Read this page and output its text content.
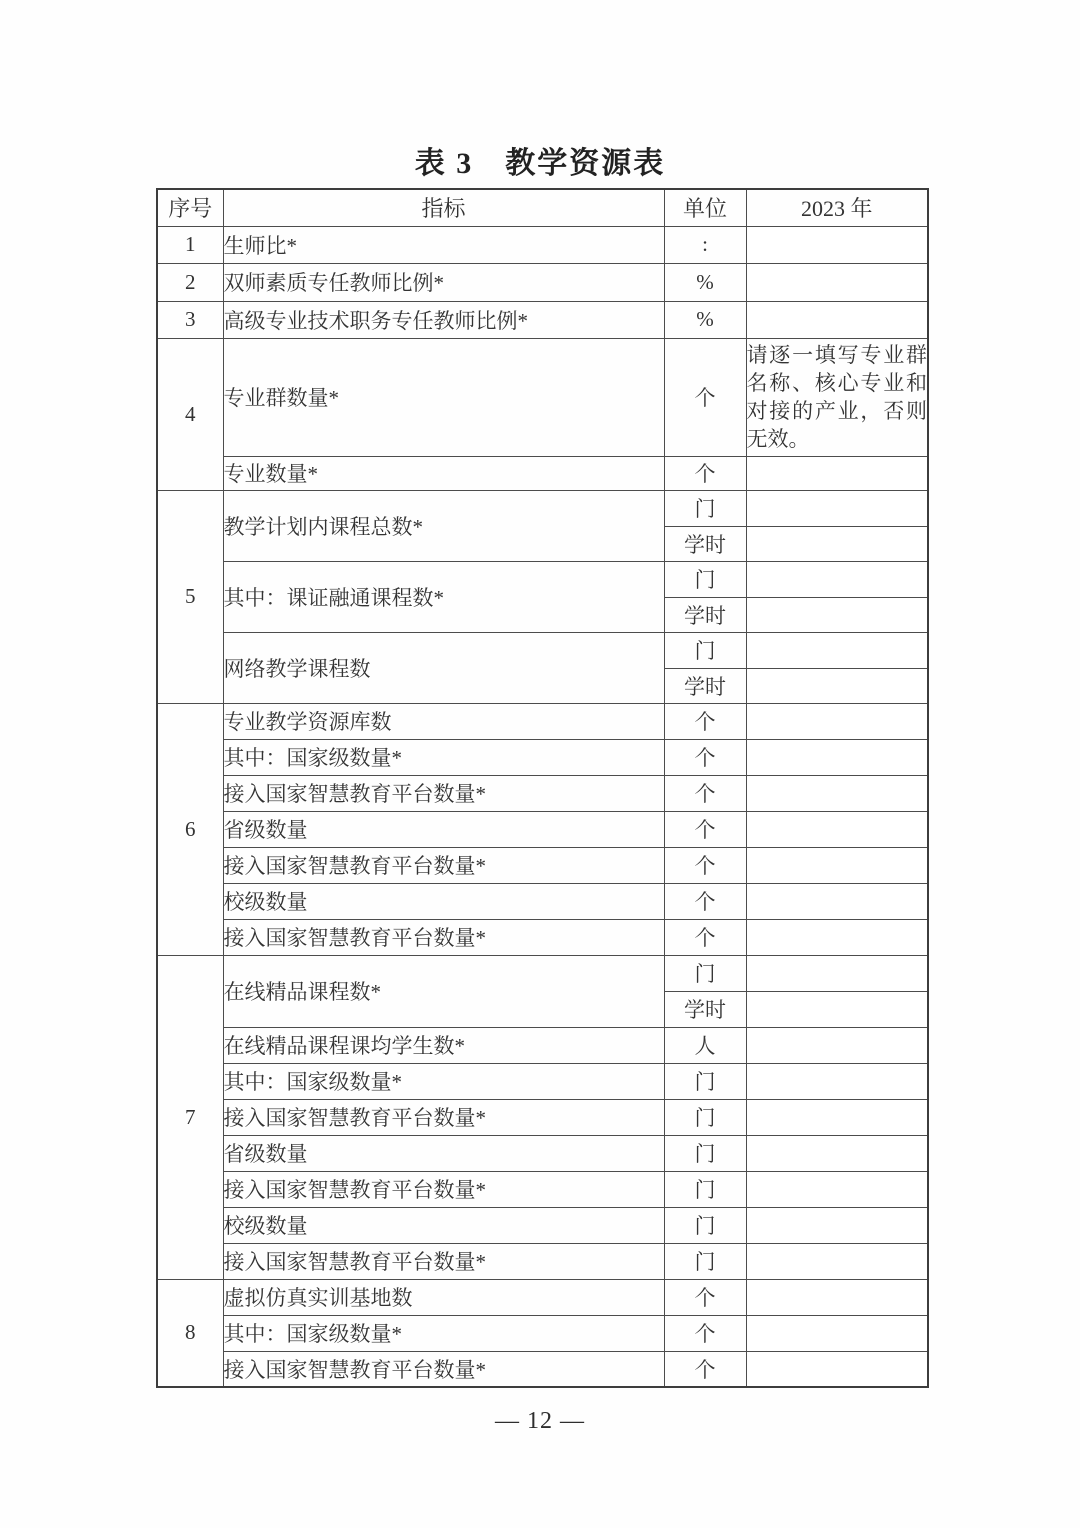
表 3　教学资源表
序号	指标	单位	2023 年
1	生师比*	:	
2	双师素质专任教师比例*	%	
3	高级专业技术职务专任教师比例*	%	
4	专业群数量*	个	请逐一填写专业群名称、核心专业和对接的产业，否则无效。
	专业数量*	个	
5	教学计划内课程总数*	门	
		学时	
	其中：课证融通课程数*	门	
		学时	
	网络教学课程数	门	
		学时	
6	专业教学资源库数	个	
	其中：国家级数量*	个	
	接入国家智慧教育平台数量*	个	
	省级数量	个	
	接入国家智慧教育平台数量*	个	
	校级数量	个	
	接入国家智慧教育平台数量*	个	
7	在线精品课程数*	门	
		学时	
	在线精品课程课均学生数*	人	
	其中：国家级数量*	门	
	接入国家智慧教育平台数量*	门	
	省级数量	门	
	接入国家智慧教育平台数量*	门	
	校级数量	门	
	接入国家智慧教育平台数量*	门	
8	虚拟仿真实训基地数	个	
	其中：国家级数量*	个	
	接入国家智慧教育平台数量*	个	
— 12 —
